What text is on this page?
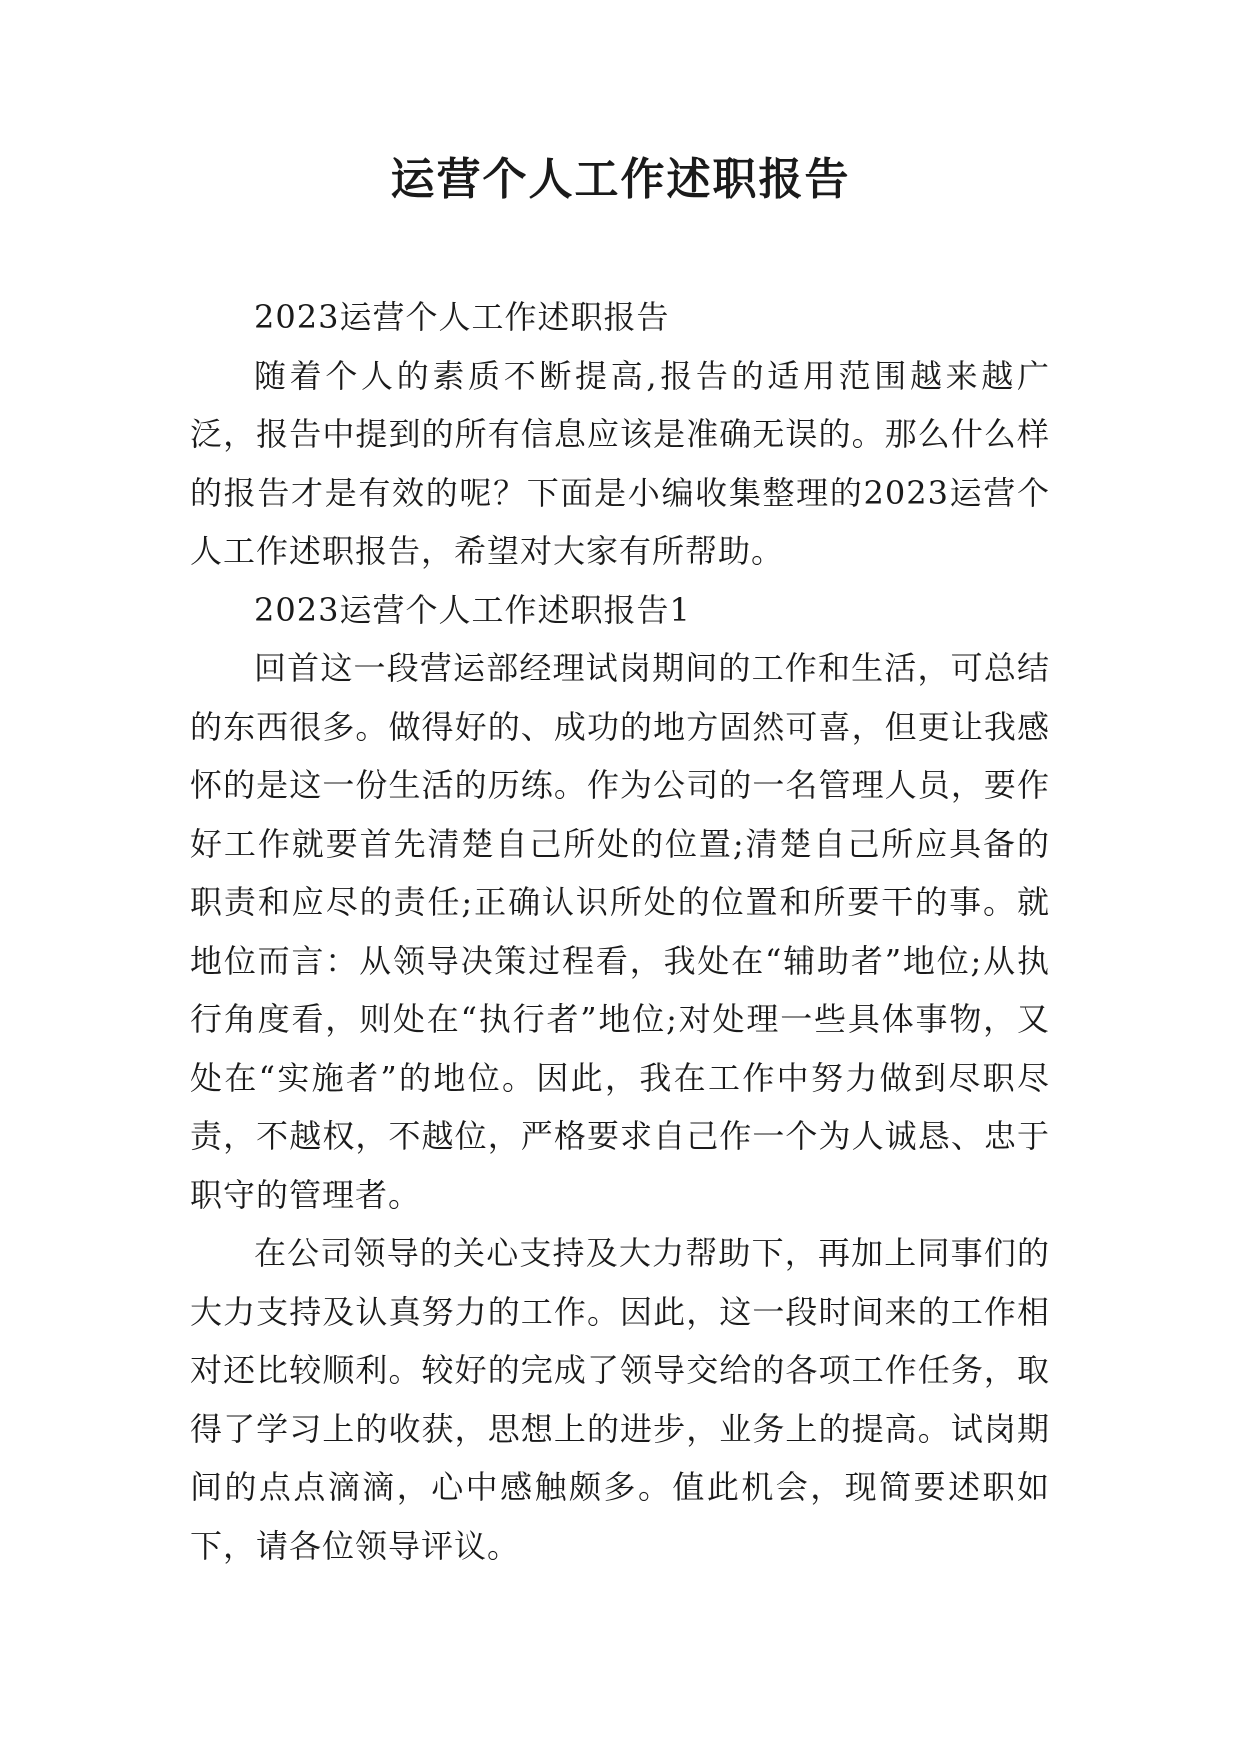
运营个人工作述职报告

2023运营个人工作述职报告

随着个人的素质不断提高,报告的适用范围越来越广泛，报告中提到的所有信息应该是准确无误的。那么什么样的报告才是有效的呢？下面是小编收集整理的2023运营个人工作述职报告，希望对大家有所帮助。

2023运营个人工作述职报告1

回首这一段营运部经理试岗期间的工作和生活，可总结的东西很多。做得好的、成功的地方固然可喜，但更让我感怀的是这一份生活的历练。作为公司的一名管理人员，要作好工作就要首先清楚自己所处的位置;清楚自己所应具备的职责和应尽的责任;正确认识所处的位置和所要干的事。就地位而言：从领导决策过程看，我处在“辅助者”地位;从执行角度看，则处在“执行者”地位;对处理一些具体事物，又处在“实施者”的地位。因此，我在工作中努力做到尽职尽责，不越权，不越位，严格要求自己作一个为人诚恳、忠于职守的管理者。

在公司领导的关心支持及大力帮助下，再加上同事们的大力支持及认真努力的工作。因此，这一段时间来的工作相对还比较顺利。较好的完成了领导交给的各项工作任务，取得了学习上的收获，思想上的进步，业务上的提高。试岗期间的点点滴滴，心中感触颇多。值此机会，现简要述职如下，请各位领导评议。
